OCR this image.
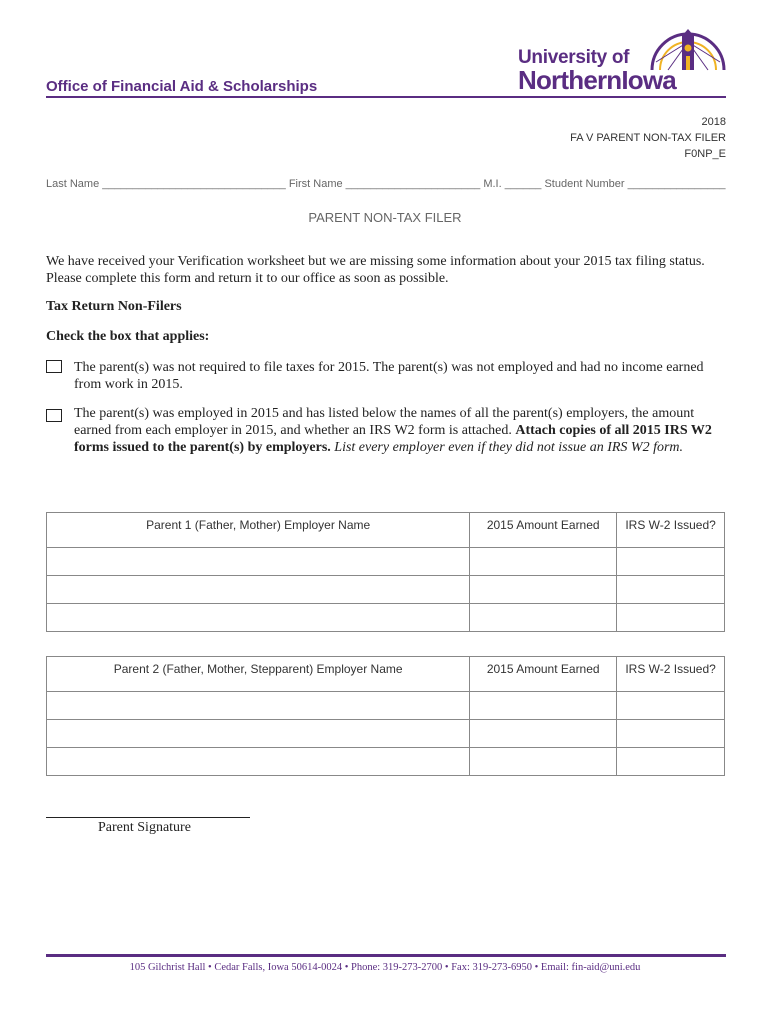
Office of Financial Aid & Scholarships
University of
NorthernIowa
2018
FA V PARENT NON-TAX FILER
F0NP_E
Last Name ______________________________ First Name ______________________ M.I. ______ Student Number ________________
PARENT NON-TAX FILER
We have received your Verification worksheet but we are missing some information about your 2015 tax filing status. Please complete this form and return it to our office as soon as possible.
Tax Return Non-Filers
Check the box that applies:
The parent(s) was not required to file taxes for 2015. The parent(s) was not employed and had no income earned from work in 2015.
The parent(s) was employed in 2015 and has listed below the names of all the parent(s) employers, the amount earned from each employer in 2015, and whether an IRS W2 form is attached. Attach copies of all 2015 IRS W2 forms issued to the parent(s) by employers. List every employer even if they did not issue an IRS W2 form.
Parent 1 (Father, Mother) Employer Name	2015 Amount Earned	IRS W-2 Issued?

Parent 2 (Father, Mother, Stepparent) Employer Name	2015 Amount Earned	IRS W-2 Issued?

Parent Signature
105 Gilchrist Hall • Cedar Falls, Iowa 50614-0024 • Phone: 319-273-2700 • Fax: 319-273-6950 • Email: fin-aid@uni.edu
